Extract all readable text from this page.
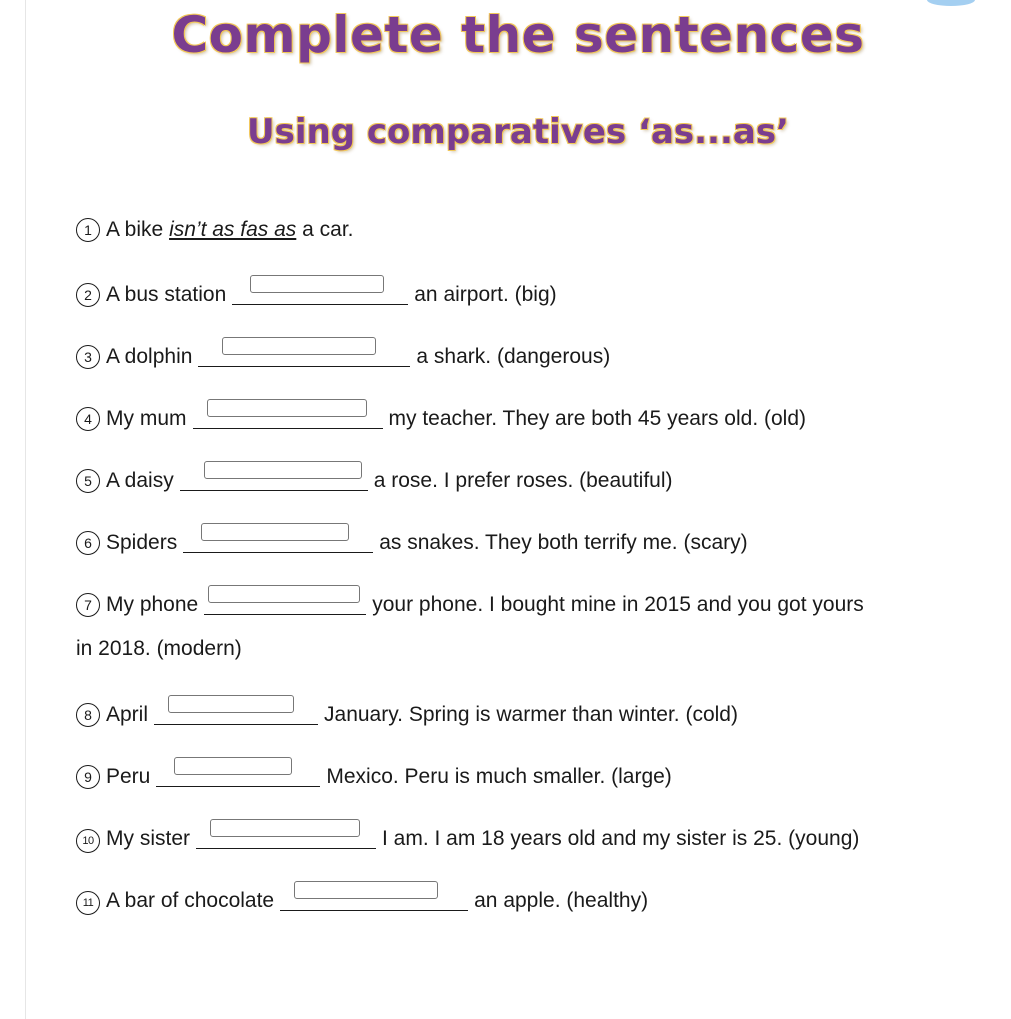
Complete the sentences
Using comparatives ‘as...as’
1 A bike isn’t as fas as a car.
2 A bus station	an airport. (big)
3 A dolphin	a shark. (dangerous)
4 My mum	my teacher. They are both 45 years old. (old)
5 A daisy	a rose. I prefer roses. (beautiful)
6 Spiders	as snakes. They both terrify me. (scary)
7 My phone	your phone. I bought mine in 2015 and you got yours
in 2018. (modern)
8 April	January. Spring is warmer than winter. (cold)
9 Peru	Mexico. Peru is much smaller. (large)
10 My sister	I am. I am 18 years old and my sister is 25. (young)
11 A bar of chocolate	an apple. (healthy)
